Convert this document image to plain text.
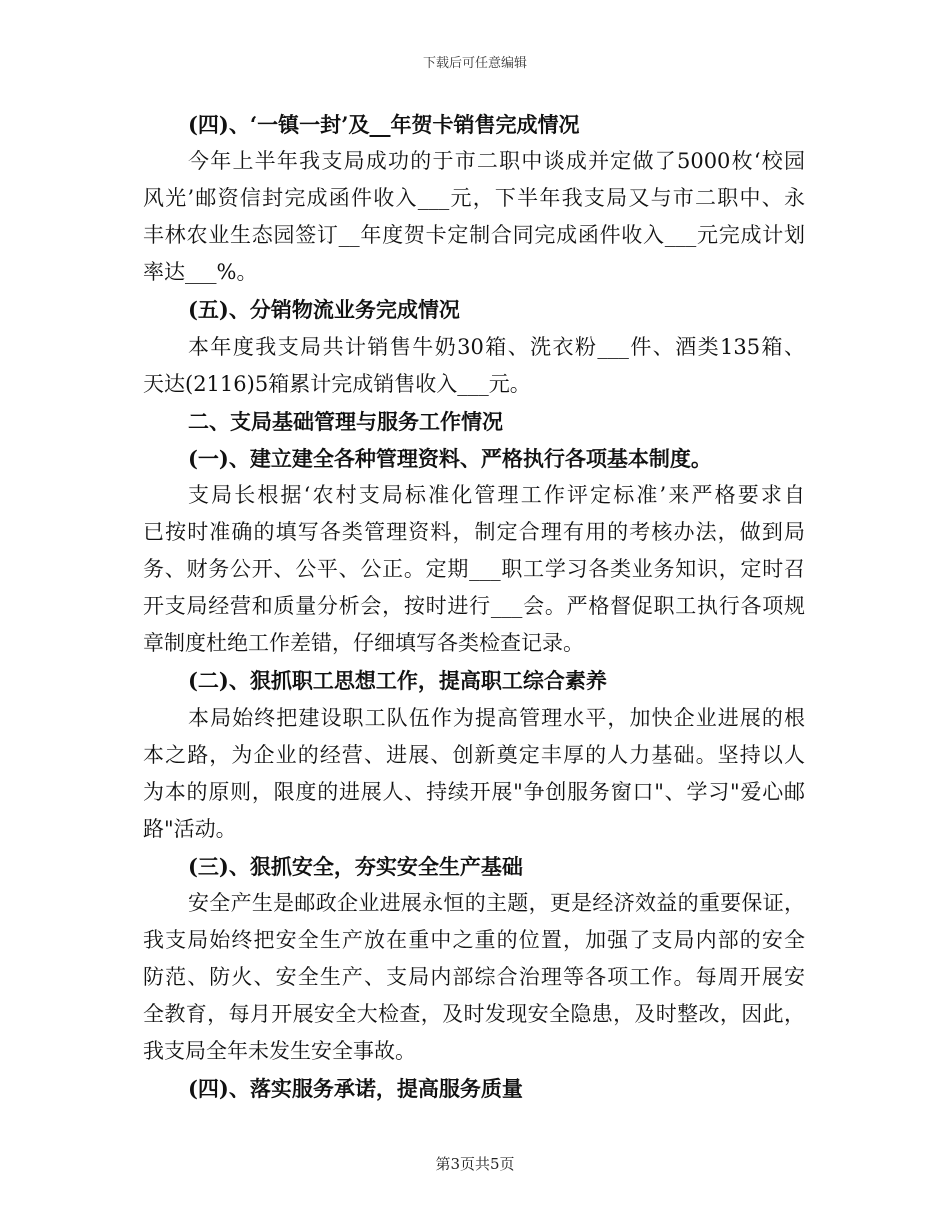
下载后可任意编辑
(四)、‘一镇一封’及__年贺卡销售完成情况
今年上半年我支局成功的于市二职中谈成并定做了5000枚‘校园
风光’邮资信封完成函件收入___元，下半年我支局又与市二职中、永
丰林农业生态园签订__年度贺卡定制合同完成函件收入___元完成计划
率达___%。
(五)、分销物流业务完成情况
本年度我支局共计销售牛奶30箱、洗衣粉___件、酒类135箱、
天达(2116)5箱累计完成销售收入___元。
二、支局基础管理与服务工作情况
(一)、建立建全各种管理资料、严格执行各项基本制度。
支局长根据‘农村支局标准化管理工作评定标准’来严格要求自
已按时准确的填写各类管理资料，制定合理有用的考核办法，做到局
务、财务公开、公平、公正。定期___职工学习各类业务知识，定时召
开支局经营和质量分析会，按时进行___会。严格督促职工执行各项规
章制度杜绝工作差错，仔细填写各类检查记录。
(二)、狠抓职工思想工作，提高职工综合素养
本局始终把建设职工队伍作为提高管理水平，加快企业进展的根
本之路，为企业的经营、进展、创新奠定丰厚的人力基础。坚持以人
为本的原则，限度的进展人、持续开展"争创服务窗口"、学习"爱心邮
路"活动。
(三)、狠抓安全，夯实安全生产基础
安全产生是邮政企业进展永恒的主题，更是经济效益的重要保证，
我支局始终把安全生产放在重中之重的位置，加强了支局内部的安全
防范、防火、安全生产、支局内部综合治理等各项工作。每周开展安
全教育，每月开展安全大检查，及时发现安全隐患，及时整改，因此，
我支局全年未发生安全事故。
(四)、落实服务承诺，提高服务质量
第3页共5页
